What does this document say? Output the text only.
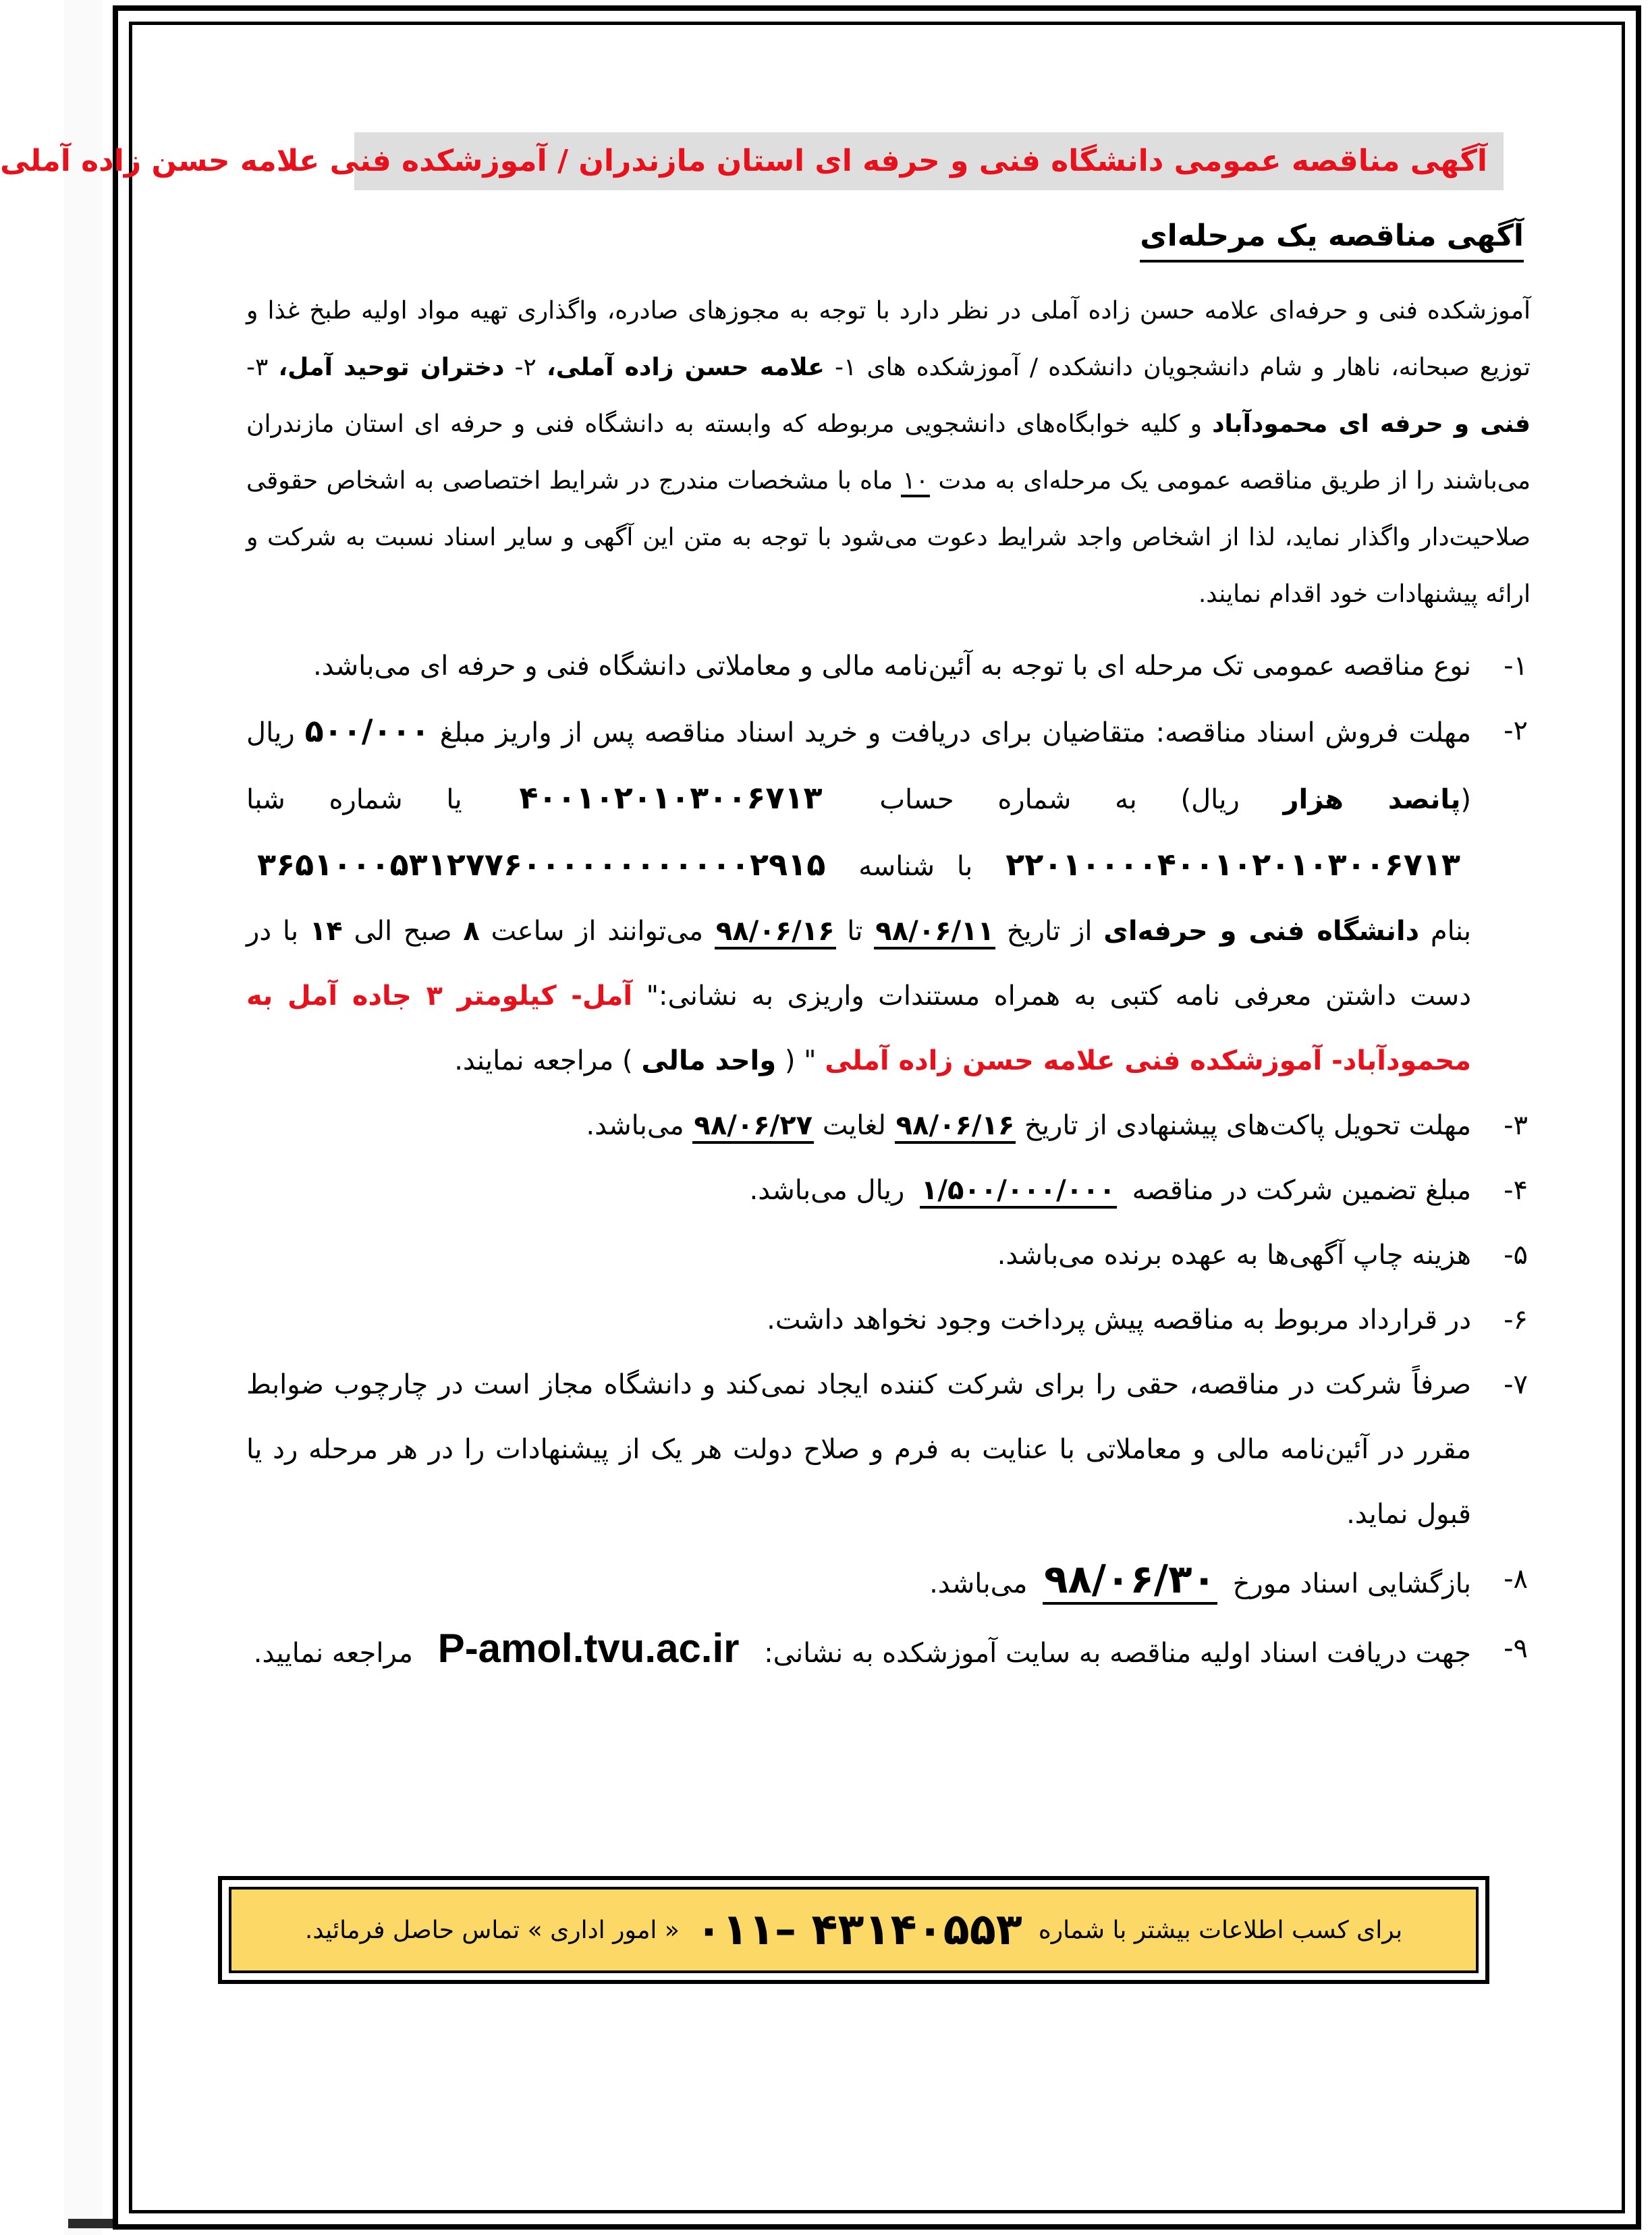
آگهی مناقصه عمومی دانشگاه فنی و حرفه ای استان مازندران / آموزشکده فنی علامه حسن زاده آملی
آگهی مناقصه یک مرحله‌ای
آموزشکده فنی و حرفه‌ای علامه حسن زاده آملی در نظر دارد با توجه به مجوزهای صادره، واگذاری تهیه مواد اولیه طبخ غذا و توزیع صبحانه، ناهار و شام دانشجویان دانشکده / آموزشکده های ۱- علامه حسن زاده آملی، ۲- دختران توحید آمل، ۳- فنی و حرفه ای محمودآباد و کلیه خوابگاه‌های دانشجویی مربوطه که وابسته به دانشگاه فنی و حرفه ای استان مازندران می‌باشند را از طریق مناقصه عمومی یک مرحله‌ای به مدت ۱۰ ماه با مشخصات مندرج در شرایط اختصاصی به اشخاص حقوقی صلاحیت‌دار واگذار نماید، لذا از اشخاص واجد شرایط دعوت می‌شود با توجه به متن این آگهی و سایر اسناد نسبت به شرکت و ارائه پیشنهادات خود اقدام نمایند.
۱-
نوع مناقصه عمومی تک مرحله ای با توجه به آئین‌نامه مالی و معاملاتی دانشگاه فنی و حرفه ای می‌باشد.
۲-
مهلت فروش اسناد مناقصه: متقاضیان برای دریافت و خرید اسناد مناقصه پس از واریز مبلغ ۵۰۰/۰۰۰ ریال (پانصد هزار ریال) به شماره حساب ۴۰۰۱۰۲۰۱۰۳۰۰۶۷۱۳ یا شماره شبا ۲۲۰۱۰۰۰۰۴۰۰۱۰۲۰۱۰۳۰۰۶۷۱۳ با شناسه ۳۶۵۱۰۰۰۵۳۱۲۷۷۶۰۰۰۰۰۰۰۰۰۰۰۰۲۹۱۵ بنام دانشگاه فنی و حرفه‌ای از تاریخ ۹۸/۰۶/۱۱ تا ۹۸/۰۶/۱۶ می‌توانند از ساعت ۸ صبح الی ۱۴ با در دست داشتن معرفی نامه کتبی به همراه مستندات واریزی به نشانی:" آمل- کیلومتر ۳ جاده آمل به محمودآباد- آموزشکده فنی علامه حسن زاده آملی " ( واحد مالی ) مراجعه نمایند.
۳-
مهلت تحویل پاکت‌های پیشنهادی از تاریخ ۹۸/۰۶/۱۶ لغایت ۹۸/۰۶/۲۷ می‌باشد.
۴-
مبلغ تضمین شرکت در مناقصه ۱/۵۰۰/۰۰۰/۰۰۰ ریال می‌باشد.
۵-
هزینه چاپ آگهی‌ها به عهده برنده می‌باشد.
۶-
در قرارداد مربوط به مناقصه پیش پرداخت وجود نخواهد داشت.
۷-
صرفاً شرکت در مناقصه، حقی را برای شرکت کننده ایجاد نمی‌کند و دانشگاه مجاز است در چارچوب ضوابط مقرر در آئین‌نامه مالی و معاملاتی با عنایت به فرم و صلاح دولت هر یک از پیشنهادات را در هر مرحله رد یا قبول نماید.
۸-
بازگشایی اسناد مورخ ۹۸/۰۶/۳۰ می‌باشد.
۹-
جهت دریافت اسناد اولیه مناقصه به سایت آموزشکده به نشانی: P-amol.tvu.ac.ir مراجعه نمایید.
برای کسب اطلاعات بیشتر با شماره
۰۱۱– ۴۳۱۴۰۵۵۳
« امور اداری » تماس حاصل فرمائید.
